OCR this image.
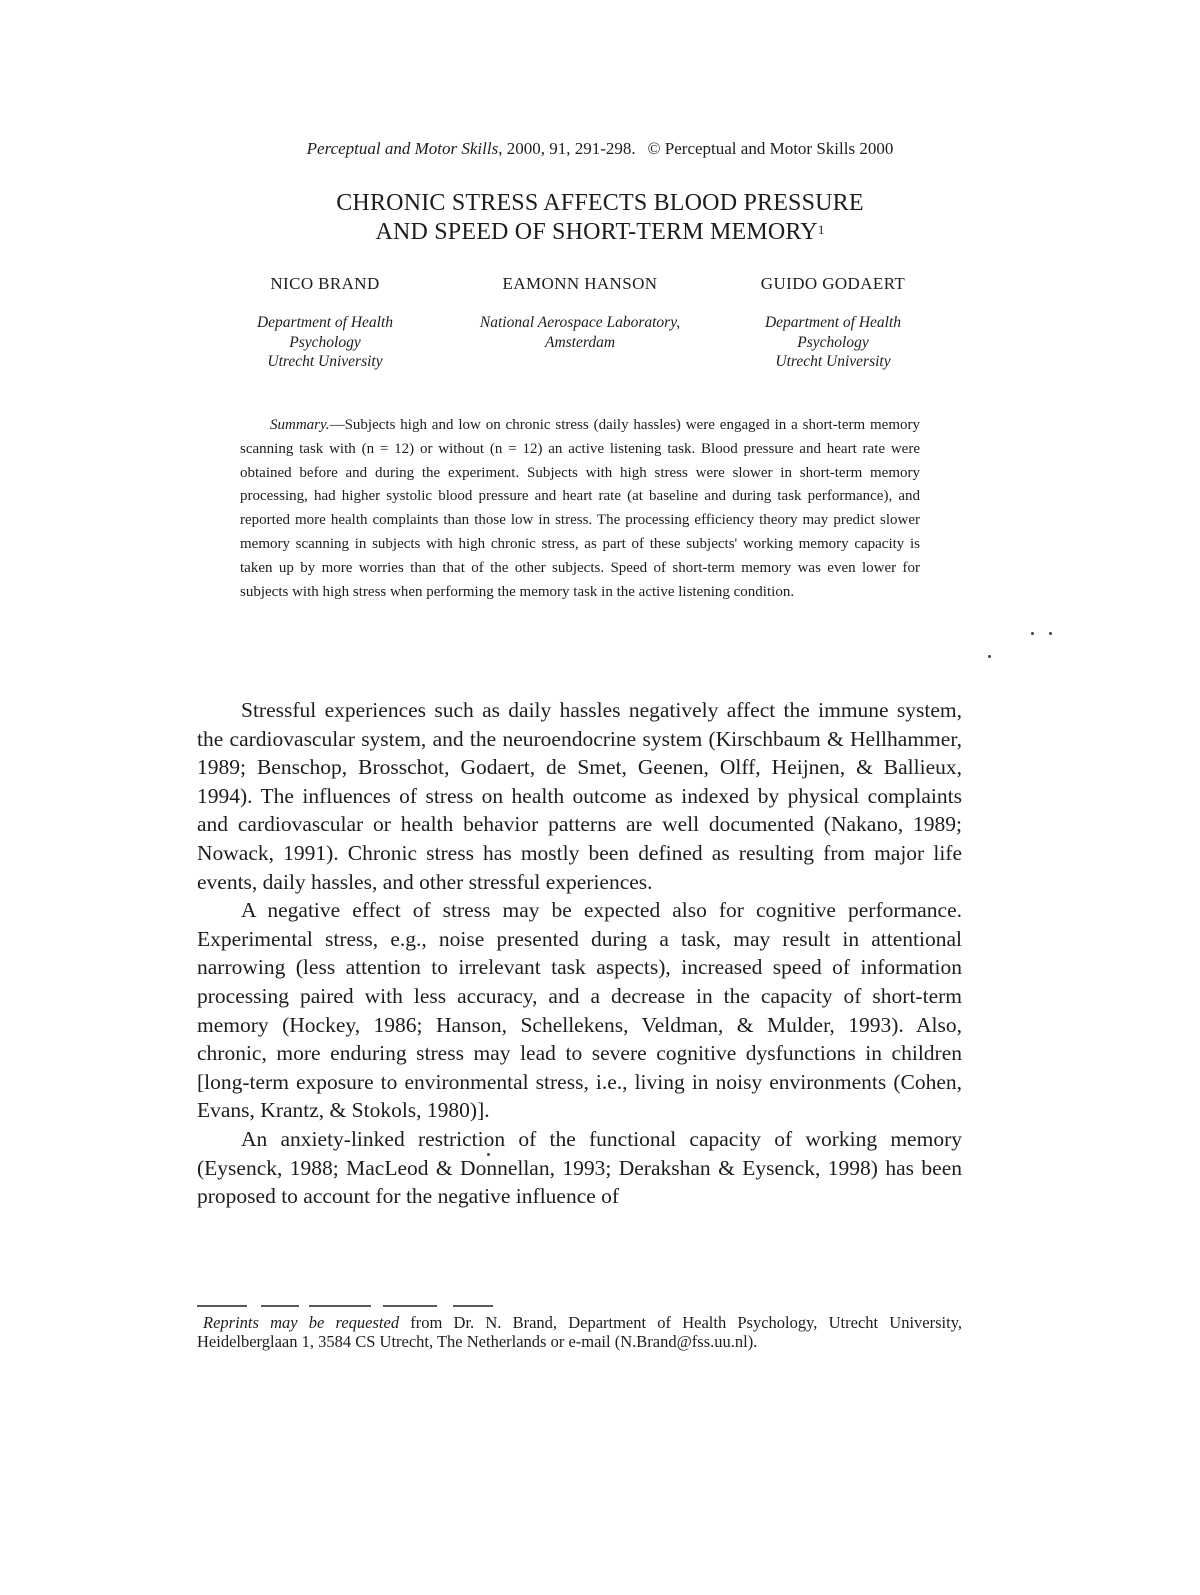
Perceptual and Motor Skills, 2000, 91, 291-298. © Perceptual and Motor Skills 2000
CHRONIC STRESS AFFECTS BLOOD PRESSURE
AND SPEED OF SHORT-TERM MEMORY$^1$
NICO BRAND
Department of Health
Psychology
Utrecht University
EAMONN HANSON
National Aerospace Laboratory,
Amsterdam
GUIDO GODAERT
Department of Health
Psychology
Utrecht University
Summary.—Subjects high and low on chronic stress (daily hassles) were engaged in a short-term memory scanning task with (n = 12) or without (n = 12) an active listening task. Blood pressure and heart rate were obtained before and during the experiment. Subjects with high stress were slower in short-term memory processing, had higher systolic blood pressure and heart rate (at baseline and during task performance), and reported more health complaints than those low in stress. The processing efficiency theory may predict slower memory scanning in subjects with high chronic stress, as part of these subjects' working memory capacity is taken up by more worries than that of the other subjects. Speed of short-term memory was even lower for subjects with high stress when performing the memory task in the active listening condition.

Stressful experiences such as daily hassles negatively affect the immune system, the cardiovascular system, and the neuroendocrine system (Kirschbaum & Hellhammer, 1989; Benschop, Brosschot, Godaert, de Smet, Geenen, Olff, Heijnen, & Ballieux, 1994). The influences of stress on health outcome as indexed by physical complaints and cardiovascular or health behavior patterns are well documented (Nakano, 1989; Nowack, 1991). Chronic stress has mostly been defined as resulting from major life events, daily hassles, and other stressful experiences.

A negative effect of stress may be expected also for cognitive performance. Experimental stress, e.g., noise presented during a task, may result in attentional narrowing (less attention to irrelevant task aspects), increased speed of information processing paired with less accuracy, and a decrease in the capacity of short-term memory (Hockey, 1986; Hanson, Schellekens, Veldman, & Mulder, 1993). Also, chronic, more enduring stress may lead to severe cognitive dysfunctions in children [long-term exposure to environmental stress, i.e., living in noisy environments (Cohen, Evans, Krantz, & Stokols, 1980)].

An anxiety-linked restriction of the functional capacity of working memory (Eysenck, 1988; MacLeod & Donnellan, 1993; Derakshan & Eysenck, 1998) has been proposed to account for the negative influence of

Reprints may be requested from Dr. N. Brand, Department of Health Psychology, Utrecht University, Heidelberglaan 1, 3584 CS Utrecht, The Netherlands or e-mail (N.Brand@fss.uu.nl).
